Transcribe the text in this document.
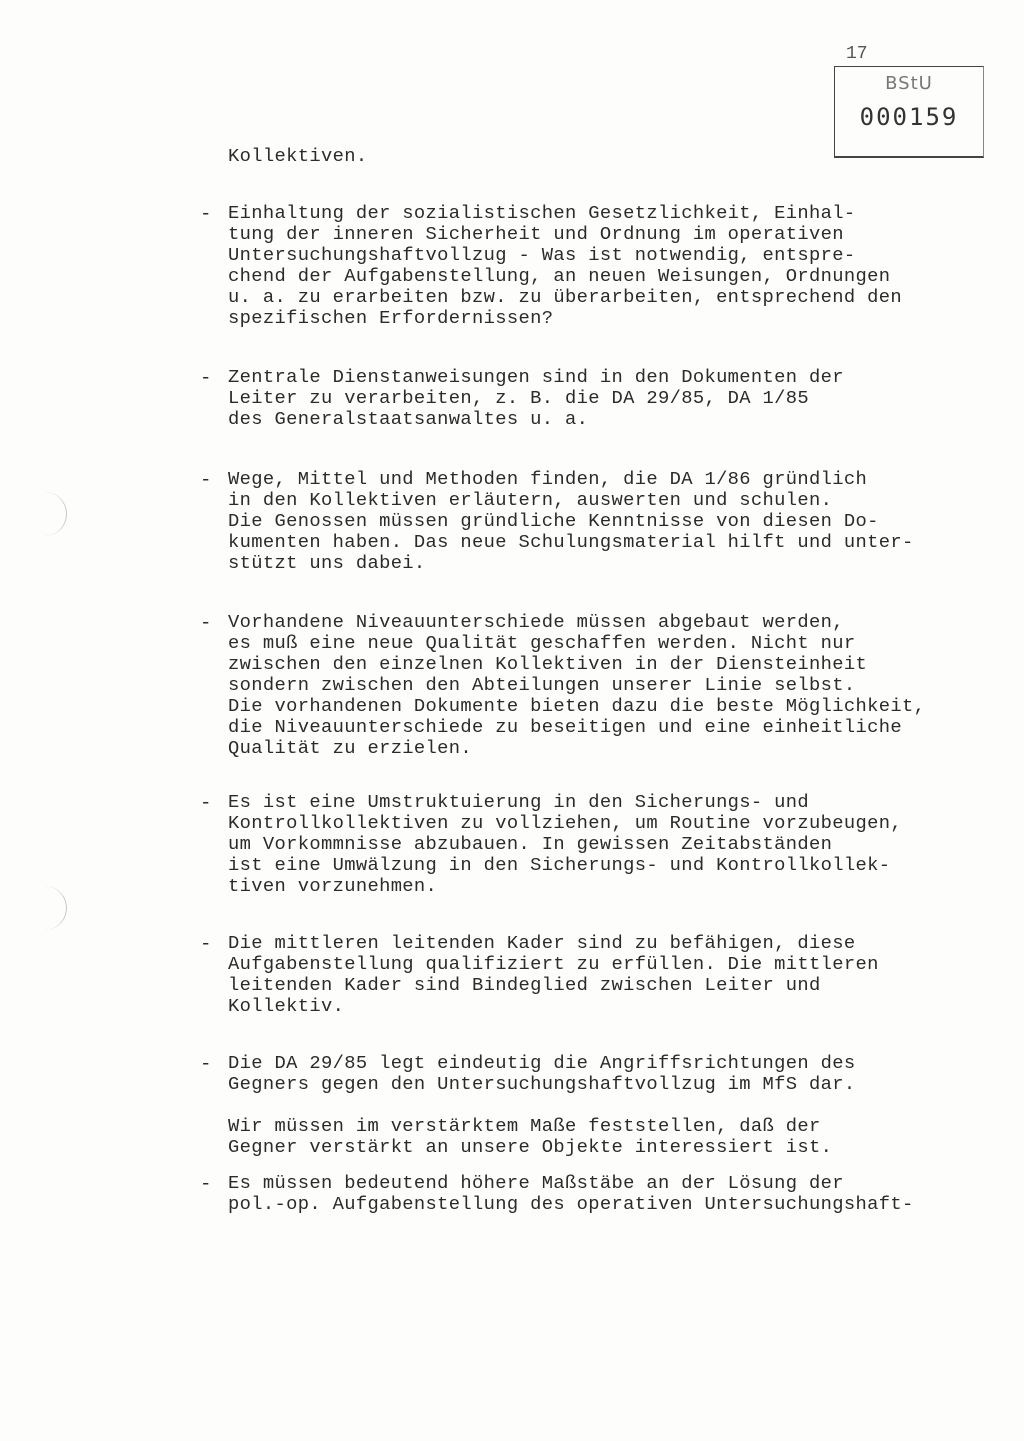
17
BStU
000159
Kollektiven.
- Einhaltung der sozialistischen Gesetzlichkeit, Einhal-
tung der inneren Sicherheit und Ordnung im operativen
Untersuchungshaftvollzug - Was ist notwendig, entspre-
chend der Aufgabenstellung, an neuen Weisungen, Ordnungen
u. a. zu erarbeiten bzw. zu überarbeiten, entsprechend den
spezifischen Erfordernissen?
- Zentrale Dienstanweisungen sind in den Dokumenten der
Leiter zu verarbeiten, z. B. die DA 29/85, DA 1/85
des Generalstaatsanwaltes u. a.
- Wege, Mittel und Methoden finden, die DA 1/86 gründlich
in den Kollektiven erläutern, auswerten und schulen.
Die Genossen müssen gründliche Kenntnisse von diesen Do-
kumenten haben. Das neue Schulungsmaterial hilft und unter-
stützt uns dabei.
- Vorhandene Niveauunterschiede müssen abgebaut werden,
es muß eine neue Qualität geschaffen werden. Nicht nur
zwischen den einzelnen Kollektiven in der Diensteinheit
sondern zwischen den Abteilungen unserer Linie selbst.
Die vorhandenen Dokumente bieten dazu die beste Möglichkeit,
die Niveauunterschiede zu beseitigen und eine einheitliche
Qualität zu erzielen.
- Es ist eine Umstruktuierung in den Sicherungs- und
Kontrollkollektiven zu vollziehen, um Routine vorzubeugen,
um Vorkommnisse abzubauen. In gewissen Zeitabständen
ist eine Umwälzung in den Sicherungs- und Kontrollkollek-
tiven vorzunehmen.
- Die mittleren leitenden Kader sind zu befähigen, diese
Aufgabenstellung qualifiziert zu erfüllen. Die mittleren
leitenden Kader sind Bindeglied zwischen Leiter und
Kollektiv.
- Die DA 29/85 legt eindeutig die Angriffsrichtungen des
Gegners gegen den Untersuchungshaftvollzug im MfS dar.
Wir müssen im verstärktem Maße feststellen, daß der
Gegner verstärkt an unsere Objekte interessiert ist.
- Es müssen bedeutend höhere Maßstäbe an der Lösung der
pol.-op. Aufgabenstellung des operativen Untersuchungshaft-
